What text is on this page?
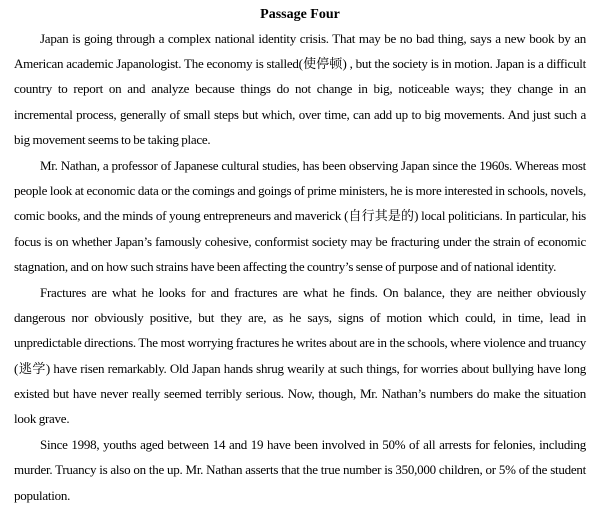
Passage Four

Japan is going through a complex national identity crisis. That may be no bad thing, says a new book by an American academic Japanologist. The economy is stalled(使停顿) , but the society is in motion. Japan is a difficult country to report on and analyze because things do not change in big, noticeable ways; they change in an incremental process, generally of small steps but which, over time, can add up to big movements. And just such a big movement seems to be taking place.

Mr. Nathan, a professor of Japanese cultural studies, has been observing Japan since the 1960s. Whereas most people look at economic data or the comings and goings of prime ministers, he is more interested in schools, novels, comic books, and the minds of young entrepreneurs and maverick (自行其是的) local politicians. In particular, his focus is on whether Japan’s famously cohesive, conformist society may be fracturing under the strain of economic stagnation, and on how such strains have been affecting the country’s sense of purpose and of national identity.

Fractures are what he looks for and fractures are what he finds. On balance, they are neither obviously dangerous nor obviously positive, but they are, as he says, signs of motion which could, in time, lead in unpredictable directions. The most worrying fractures he writes about are in the schools, where violence and truancy (逃学) have risen remarkably. Old Japan hands shrug wearily at such things, for worries about bullying have long existed but have never really seemed terribly serious. Now, though, Mr. Nathan’s numbers do make the situation look grave.

Since 1998, youths aged between 14 and 19 have been involved in 50% of all arrests for felonies, including murder. Truancy is also on the up. Mr. Nathan asserts that the true number is 350,000 children, or 5% of the student population.
